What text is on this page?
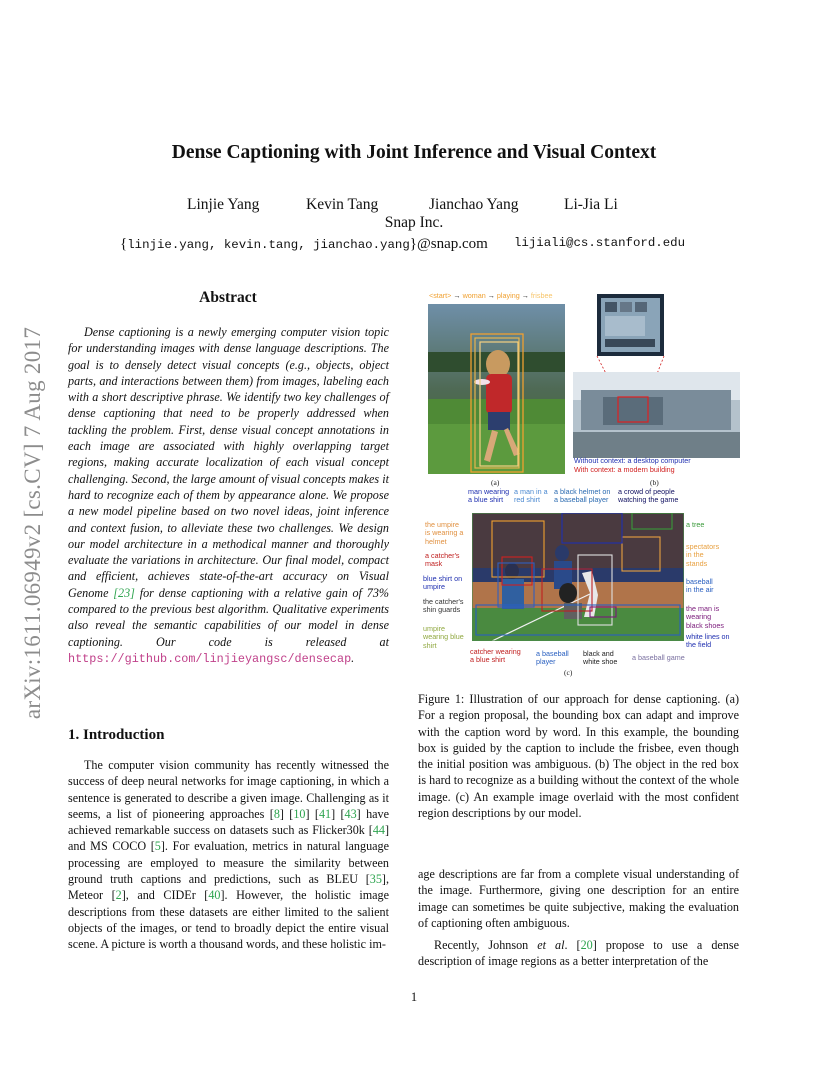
arXiv:1611.06949v2 [cs.CV] 7 Aug 2017
Dense Captioning with Joint Inference and Visual Context
Linjie Yang	Kevin Tang	Jianchao Yang	Li-Jia Li
Snap Inc.
{linjie.yang, kevin.tang, jianchao.yang}@snap.com lijiali@cs.stanford.edu
Abstract
Dense captioning is a newly emerging computer vision topic for understanding images with dense language descriptions. The goal is to densely detect visual concepts (e.g., objects, object parts, and interactions between them) from images, labeling each with a short descriptive phrase. We identify two key challenges of dense captioning that need to be properly addressed when tackling the problem. First, dense visual concept annotations in each image are associated with highly overlapping target regions, making accurate localization of each visual concept challenging. Second, the large amount of visual concepts makes it hard to recognize each of them by appearance alone. We propose a new model pipeline based on two novel ideas, joint inference and context fusion, to alleviate these two challenges. We design our model architecture in a methodical manner and thoroughly evaluate the variations in architecture. Our final model, compact and efficient, achieves state-of-the-art accuracy on Visual Genome [23] for dense captioning with a relative gain of 73% compared to the previous best algorithm. Qualitative experiments also reveal the semantic capabilities of our model in dense captioning. Our code is released at https://github.com/linjieyangsc/densecap.
1. Introduction
The computer vision community has recently witnessed the success of deep neural networks for image captioning, in which a sentence is generated to describe a given image. Challenging as it seems, a list of pioneering approaches [8] [10] [41] [43] have achieved remarkable success on datasets such as Flicker30k [44] and MS COCO [5]. For evaluation, metrics in natural language processing are employed to measure the similarity between ground truth captions and predictions, such as BLEU [35], Meteor [2], and CIDEr [40]. However, the holistic image descriptions from these datasets are either limited to the salient objects of the images, or tend to broadly depict the entire visual scene. A picture is worth a thousand words, and these holistic im-
<start> → woman → playing → frisbee
(a)	(b)
Without context: a desktop computer
With context: a modern building
man wearing
a blue shirt
a man in a
red shirt
a black helmet on
a baseball player
a crowd of people
watching the game
the umpire
is wearing a
helmet
a catcher's
mask
blue shirt on
umpire
the catcher's
shin guards
umpire
wearing blue
shirt
a tree
spectators
in the
stands
baseball
in the air
the man is
wearing
black shoes
white lines on
the field
catcher wearing
a blue shirt
a baseball
player
black and
white shoe a baseball game
(c)
Figure 1: Illustration of our approach for dense captioning. (a) For a region proposal, the bounding box can adapt and improve with the caption word by word. In this example, the bounding box is guided by the caption to include the frisbee, even though the initial position was ambiguous. (b) The object in the red box is hard to recognize as a building without the context of the whole image. (c) An example image overlaid with the most confident region descriptions by our model.

age descriptions are far from a complete visual understanding of the image. Furthermore, giving one description for an entire image can sometimes be quite subjective, making the evaluation of captioning often ambiguous.

Recently, Johnson et al. [20] propose to use a dense description of image regions as a better interpretation of the

1
